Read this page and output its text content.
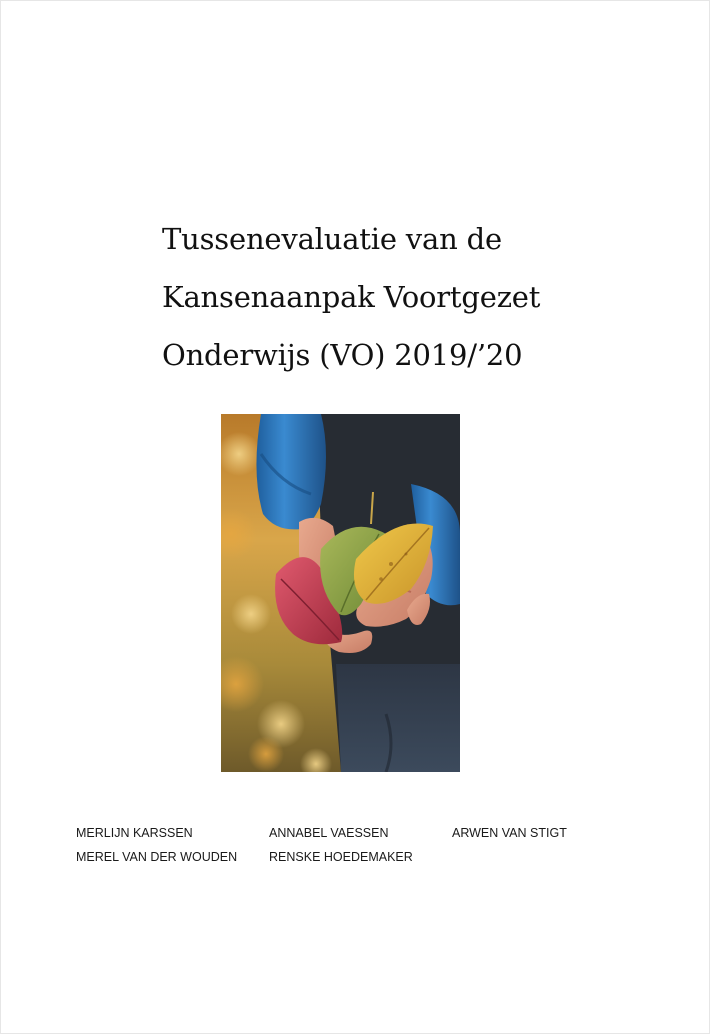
Tussenevaluatie van de
Kansenaanpak Voortgezet
Onderwijs (VO) 2019/’20
MERLIJN KARSSEN	ANNABEL VAESSEN	ARWEN VAN STIGT
MEREL VAN DER WOUDEN	RENSKE HOEDEMAKER
